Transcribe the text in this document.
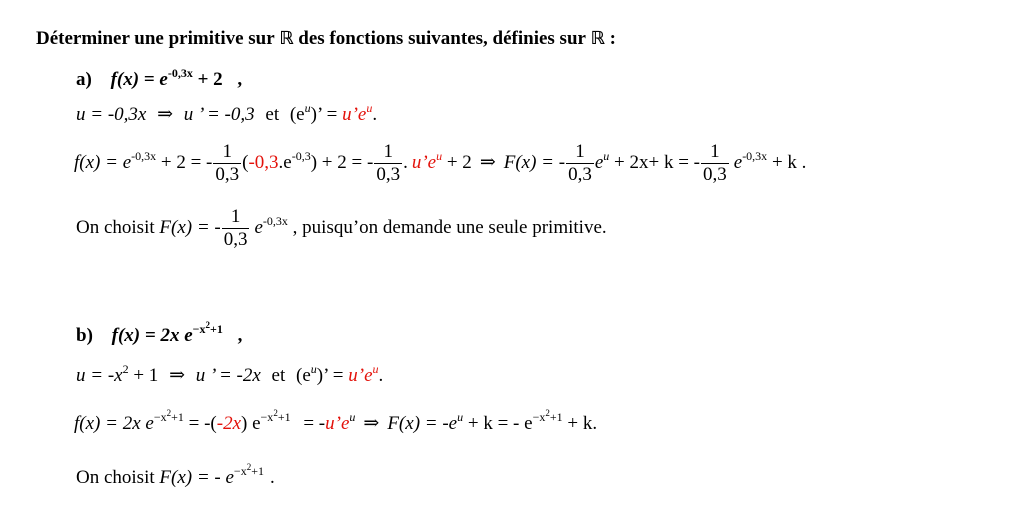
Déterminer une primitive sur ℝ des fonctions suivantes, définies sur ℝ :
a) $f(x) = e^{-0,3x} + 2$ ,
u = -0,3x ⇒ u ’ = -0,3 et $(e^u)$’ = $u’e^u$.
$f(x) = e^{-0,3x} + 2$ = - $\frac{1}{0,3} (-0,3.e^{-0,3}) + 2$ = - $\frac{1}{0,3}$ . $u’e^u + 2$ ⇒ F(x) = - $\frac{1}{0,3} e^u + 2x+ k$ = - $\frac{1}{0,3} e^{-0,3x} + k$ .
On choisit F(x) = - $\frac{1}{0,3} e^{-0,3x}$ , puisqu’on demande une seule primitive.
b) f(x) = 2x $e^{-x^2+1}$ ,
$u = -x^2 + 1$ ⇒ u ’ = -2x et $(e^u)$’ = $u’e^u$.
f(x) = 2x $e^{-x^2+1} = -(-2x) e^{-x^2+1}$ = $-u’e^u$ ⇒ $F(x) = -e^u + k$ = - $e^{-x^2+1} + k$.
On choisit F(x) = - $e^{-x^2+1}$ .
